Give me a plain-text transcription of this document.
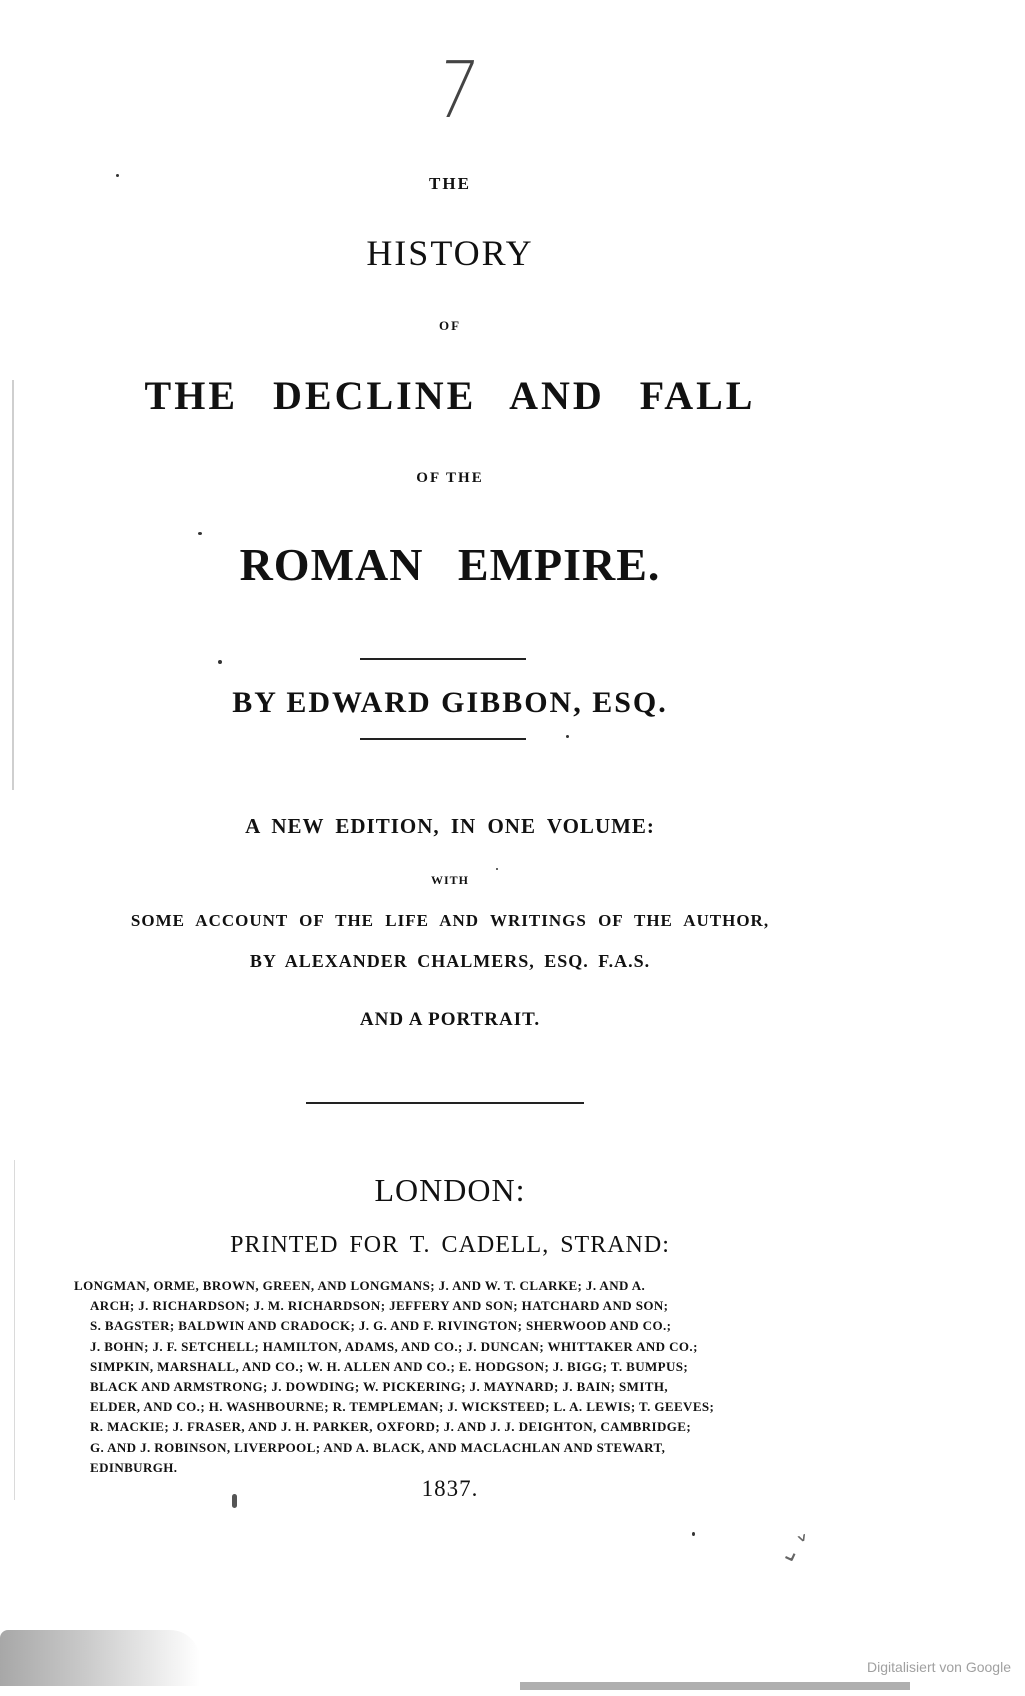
7
THE
HISTORY
OF
THE DECLINE AND FALL
OF THE
ROMAN EMPIRE.
BY EDWARD GIBBON, ESQ.
A NEW EDITION, IN ONE VOLUME:
WITH
SOME ACCOUNT OF THE LIFE AND WRITINGS OF THE AUTHOR,
BY ALEXANDER CHALMERS, ESQ. F.A.S.
AND A PORTRAIT.
LONDON:
PRINTED FOR T. CADELL, STRAND:
LONGMAN, ORME, BROWN, GREEN, AND LONGMANS; J. AND W. T. CLARKE; J. AND A.
ARCH; J. RICHARDSON; J. M. RICHARDSON; JEFFERY AND SON; HATCHARD AND SON;
S. BAGSTER; BALDWIN AND CRADOCK; J. G. AND F. RIVINGTON; SHERWOOD AND CO.;
J. BOHN; J. F. SETCHELL; HAMILTON, ADAMS, AND CO.; J. DUNCAN; WHITTAKER AND CO.;
SIMPKIN, MARSHALL, AND CO.; W. H. ALLEN AND CO.; E. HODGSON; J. BIGG; T. BUMPUS;
BLACK AND ARMSTRONG; J. DOWDING; W. PICKERING; J. MAYNARD; J. BAIN; SMITH,
ELDER, AND CO.; H. WASHBOURNE; R. TEMPLEMAN; J. WICKSTEED; L. A. LEWIS; T. GEEVES;
R. MACKIE; J. FRASER, AND J. H. PARKER, OXFORD; J. AND J. J. DEIGHTON, CAMBRIDGE;
G. AND J. ROBINSON, LIVERPOOL; AND A. BLACK, AND MACLACHLAN AND STEWART,
EDINBURGH.
1837.
⌄˅
Digitalisiert von Google
